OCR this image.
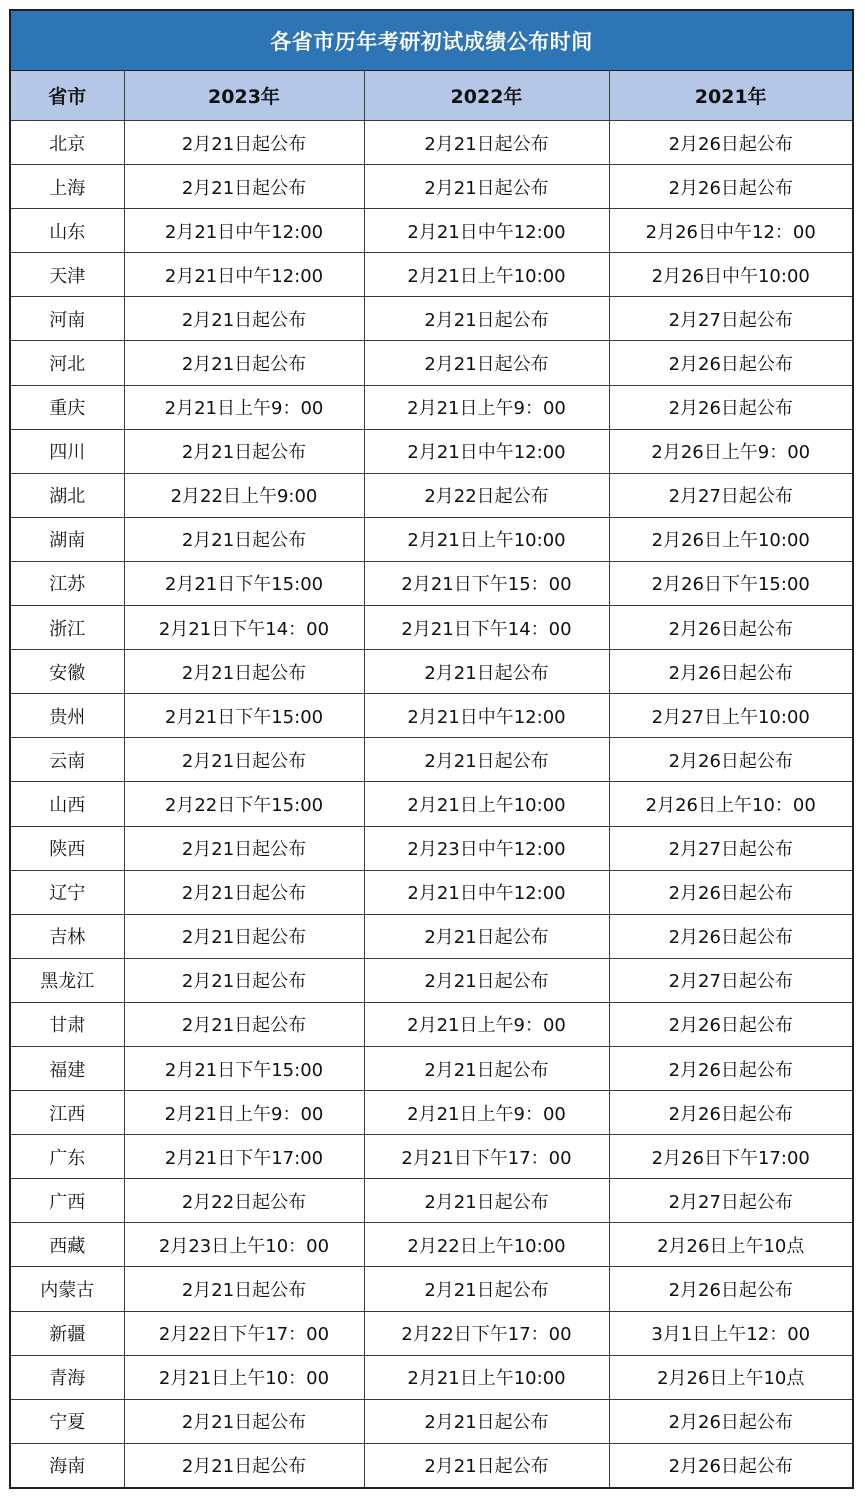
各省市历年考研初试成绩公布时间
省市	2023年	2022年	2021年
北京	2月21日起公布	2月21日起公布	2月26日起公布
上海	2月21日起公布	2月21日起公布	2月26日起公布
山东	2月21日中午12:00	2月21日中午12:00	2月26日中午12：00
天津	2月21日中午12:00	2月21日上午10:00	2月26日中午10:00
河南	2月21日起公布	2月21日起公布	2月27日起公布
河北	2月21日起公布	2月21日起公布	2月26日起公布
重庆	2月21日上午9：00	2月21日上午9：00	2月26日起公布
四川	2月21日起公布	2月21日中午12:00	2月26日上午9：00
湖北	2月22日上午9:00	2月22日起公布	2月27日起公布
湖南	2月21日起公布	2月21日上午10:00	2月26日上午10:00
江苏	2月21日下午15:00	2月21日下午15：00	2月26日下午15:00
浙江	2月21日下午14：00	2月21日下午14：00	2月26日起公布
安徽	2月21日起公布	2月21日起公布	2月26日起公布
贵州	2月21日下午15:00	2月21日中午12:00	2月27日上午10:00
云南	2月21日起公布	2月21日起公布	2月26日起公布
山西	2月22日下午15:00	2月21日上午10:00	2月26日上午10：00
陕西	2月21日起公布	2月23日中午12:00	2月27日起公布
辽宁	2月21日起公布	2月21日中午12:00	2月26日起公布
吉林	2月21日起公布	2月21日起公布	2月26日起公布
黑龙江	2月21日起公布	2月21日起公布	2月27日起公布
甘肃	2月21日起公布	2月21日上午9：00	2月26日起公布
福建	2月21日下午15:00	2月21日起公布	2月26日起公布
江西	2月21日上午9：00	2月21日上午9：00	2月26日起公布
广东	2月21日下午17:00	2月21日下午17：00	2月26日下午17:00
广西	2月22日起公布	2月21日起公布	2月27日起公布
西藏	2月23日上午10：00	2月22日上午10:00	2月26日上午10点
内蒙古	2月21日起公布	2月21日起公布	2月26日起公布
新疆	2月22日下午17：00	2月22日下午17：00	3月1日上午12：00
青海	2月21日上午10：00	2月21日上午10:00	2月26日上午10点
宁夏	2月21日起公布	2月21日起公布	2月26日起公布
海南	2月21日起公布	2月21日起公布	2月26日起公布
